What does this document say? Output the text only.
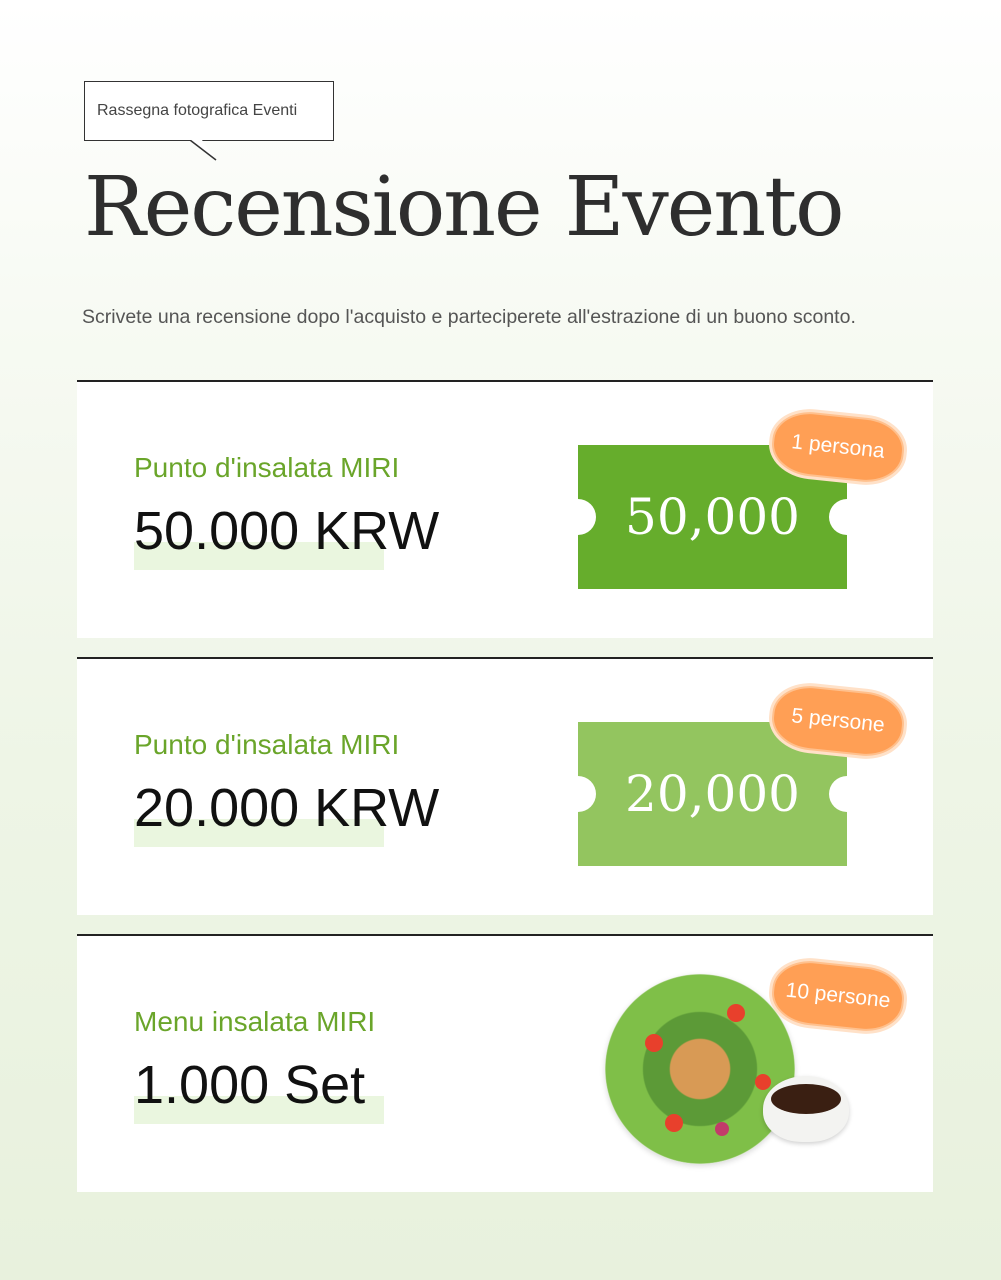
Rassegna fotografica Eventi
Recensione Evento

Scrivete una recensione dopo l'acquisto e parteciperete all'estrazione di un buono sconto.

Punto d'insalata MIRI
50.000 KRW	50,000
1 persona
Punto d'insalata MIRI
20.000 KRW	20,000
5 persone
Menu insalata MIRI
1.000 Set
10 persone
